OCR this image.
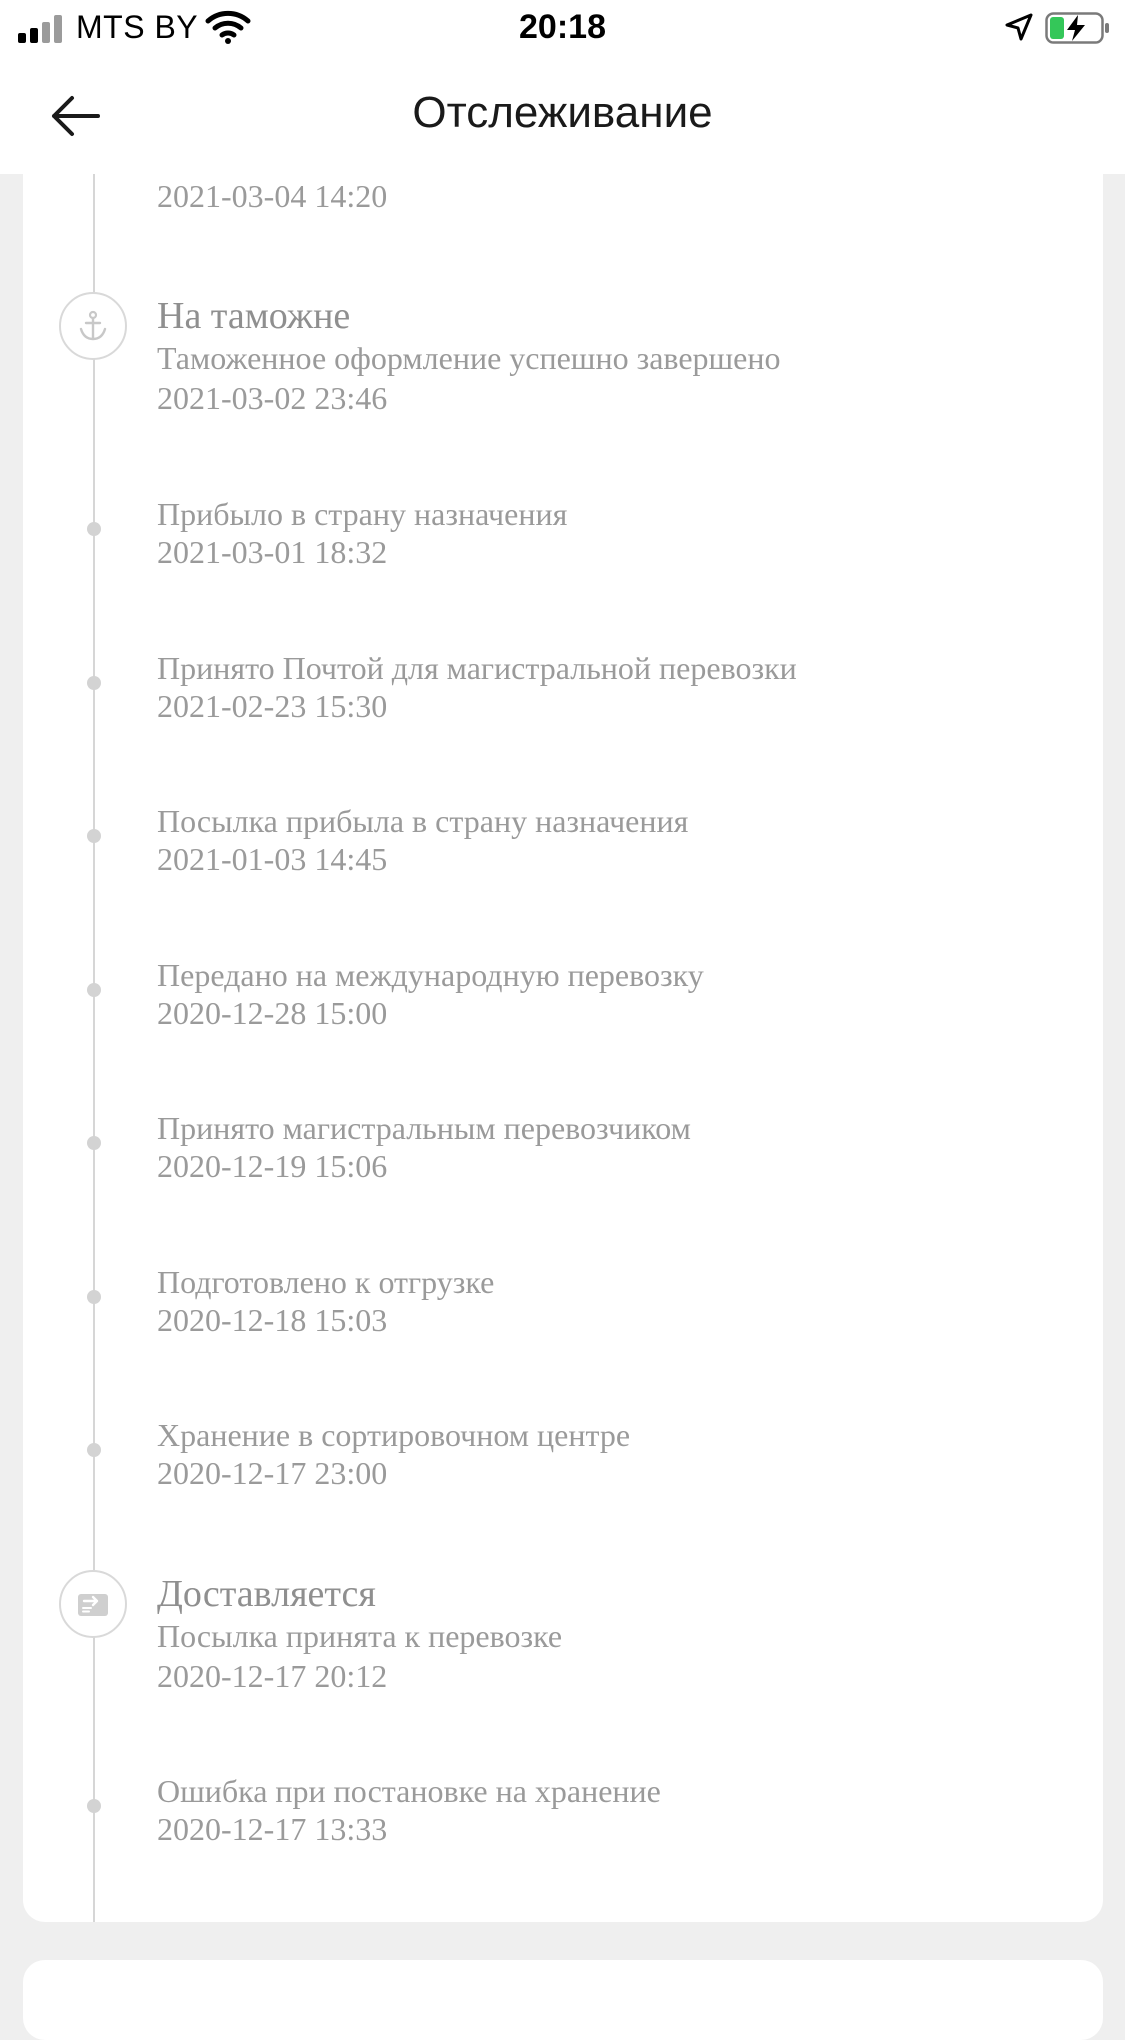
MTS BY	20:18
Отслеживание
2021-03-04 14:20
На таможне
Таможенное оформление успешно завершено
2021-03-02 23:46
Прибыло в страну назначения
2021-03-01 18:32
Принято Почтой для магистральной перевозки
2021-02-23 15:30
Посылка прибыла в страну назначения
2021-01-03 14:45
Передано на международную перевозку
2020-12-28 15:00
Принято магистральным перевозчиком
2020-12-19 15:06
Подготовлено к отгрузке
2020-12-18 15:03
Хранение в сортировочном центре
2020-12-17 23:00
Доставляется
Посылка принята к перевозке
2020-12-17 20:12
Ошибка при постановке на хранение
2020-12-17 13:33
